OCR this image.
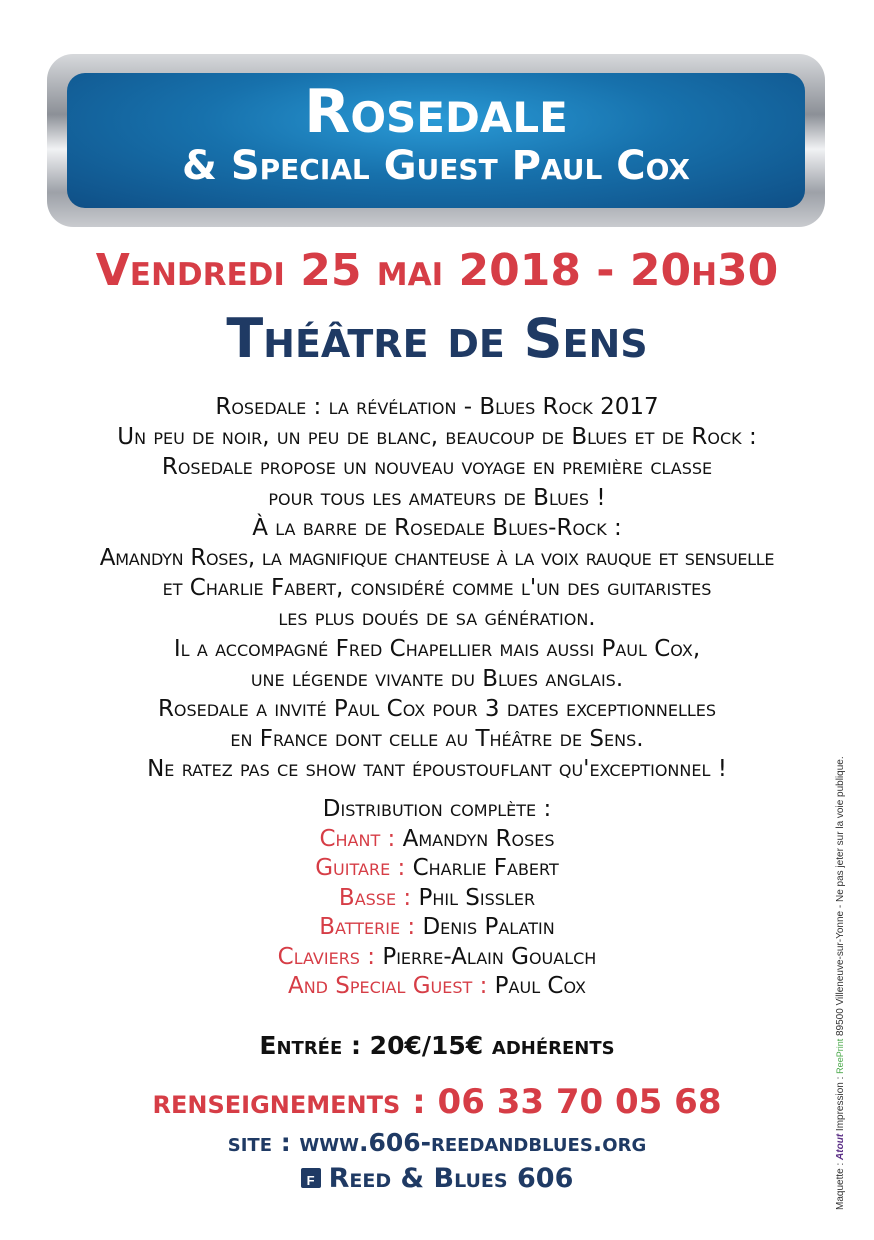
Rosedale
& Special Guest Paul Cox
Vendredi 25 mai 2018 - 20h30
Théâtre de Sens
Rosedale : la révélation - Blues Rock 2017
Un peu de noir, un peu de blanc, beaucoup de Blues et de Rock :
Rosedale propose un nouveau voyage en première classe
pour tous les amateurs de Blues !
À la barre de Rosedale Blues-Rock :
Amandyn Roses, la magnifique chanteuse à la voix rauque et sensuelle
et Charlie Fabert, considéré comme l'un des guitaristes
les plus doués de sa génération.
Il a accompagné Fred Chapellier mais aussi Paul Cox,
une légende vivante du Blues anglais.
Rosedale a invité Paul Cox pour 3 dates exceptionnelles
en France dont celle au Théâtre de Sens.
Ne ratez pas ce show tant époustouflant qu'exceptionnel !
Distribution complète :
Chant : Amandyn Roses
Guitare : Charlie Fabert
Basse : Phil Sissler
Batterie : Denis Palatin
Claviers : Pierre-Alain Goualch
And Special Guest : Paul Cox
Entrée : 20€/15€ adhérents
renseignements : 06 33 70 05 68
site : www.606-reedandblues.org
f Reed & Blues 606	Maquette : Atout Impression : ReePrint 89500 Villeneuve-sur-Yonne - Ne pas jeter sur la voie publique.
